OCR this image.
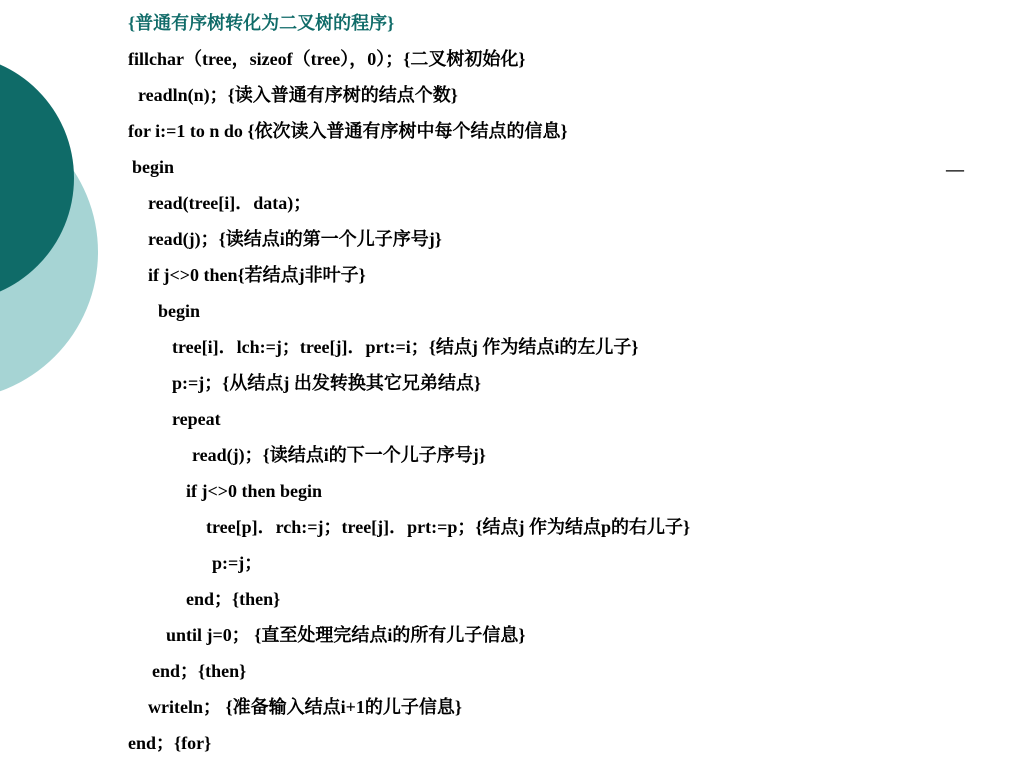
{普通有序树转化为二叉树的程序}
fillchar（tree，sizeof（tree），0）；{二叉树初始化}
readln(n)；{读入普通有序树的结点个数}
for i:=1 to n do {依次读入普通有序树中每个结点的信息}
begin
read(tree[i]．data)；
read(j)；{读结点i的第一个儿子序号j}
if j<>0 then{若结点j非叶子}
begin
tree[i]．lch:=j；tree[j]．prt:=i；{结点j 作为结点i的左儿子}
p:=j；{从结点j 出发转换其它兄弟结点}
repeat
read(j)；{读结点i的下一个儿子序号j}
if j<>0 then begin
tree[p]．rch:=j；tree[j]．prt:=p；{结点j 作为结点p的右儿子}
p:=j；
end；{then}
until j=0； {直至处理完结点i的所有儿子信息}
end；{then}
writeln； {准备输入结点i+1的儿子信息}
end；{for}
—
